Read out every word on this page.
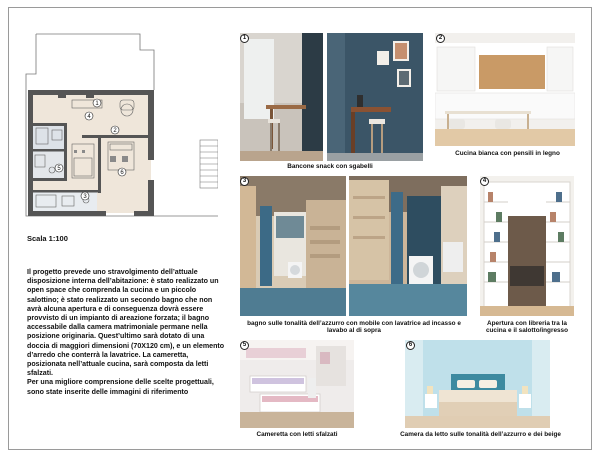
1
2
3
4
5
6
Scala 1:100

Il progetto prevede uno stravolgimento dell’attuale disposizione interna dell’abitazione: è stato realizzato un open space che comprenda la cucina e un piccolo salottino; è stato realizzato un secondo bagno che non avrà alcuna apertura e di conseguenza dovrà essere provvisto di un impianto di areazione forzata; il bagno accessabile dalla camera matrimoniale permane nella posizione originaria. Quest’ultimo sarà dotato di una doccia di maggiori dimensioni (70X120 cm), e un elemento d’arredo che conterrà la lavatrice. La cameretta, posizionata nell’attuale cucina, sarà composta da letti sfalzati.

Per una migliore comprensione delle scelte progettuali, sono state inserite delle immagini di riferimento

1
Bancone snack con sgabelli
2
Cucina bianca con pensili in legno
3
bagno sulle tonalità dell’azzurro con mobile con lavatrice ad incasso e lavabo al di sopra
4
Apertura con libreria tra la cucina e il salotto/ingresso
5
Cameretta con letti sfalzati
6
Camera da letto sulle tonalità dell’azzurro e dei beige
